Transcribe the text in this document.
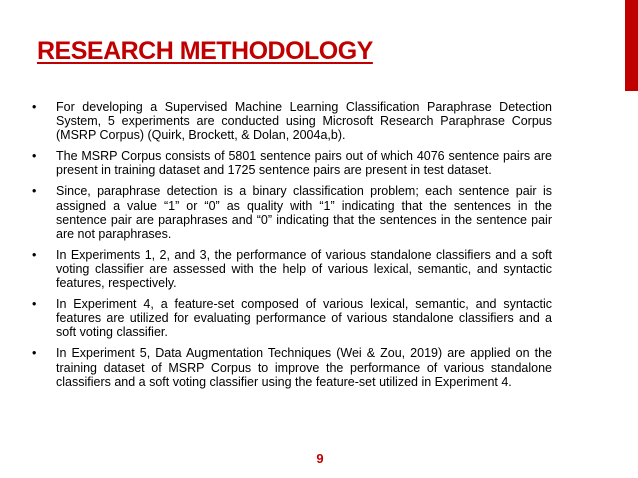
RESEARCH METHODOLOGY
• For developing a Supervised Machine Learning Classification Paraphrase Detection System, 5 experiments are conducted using Microsoft Research Paraphrase Corpus (MSRP Corpus) (Quirk, Brockett, & Dolan, 2004a,b).
• The MSRP Corpus consists of 5801 sentence pairs out of which 4076 sentence pairs are present in training dataset and 1725 sentence pairs are present in test dataset.
• Since, paraphrase detection is a binary classification problem; each sentence pair is assigned a value “1” or “0” as quality with “1” indicating that the sentences in the sentence pair are paraphrases and “0” indicating that the sentences in the sentence pair are not paraphrases.
• In Experiments 1, 2, and 3, the performance of various standalone classifiers and a soft voting classifier are assessed with the help of various lexical, semantic, and syntactic features, respectively.
• In Experiment 4, a feature-set composed of various lexical, semantic, and syntactic features are utilized for evaluating performance of various standalone classifiers and a soft voting classifier.
• In Experiment 5, Data Augmentation Techniques (Wei & Zou, 2019) are applied on the training dataset of MSRP Corpus to improve the performance of various standalone classifiers and a soft voting classifier using the feature-set utilized in Experiment 4.
9
